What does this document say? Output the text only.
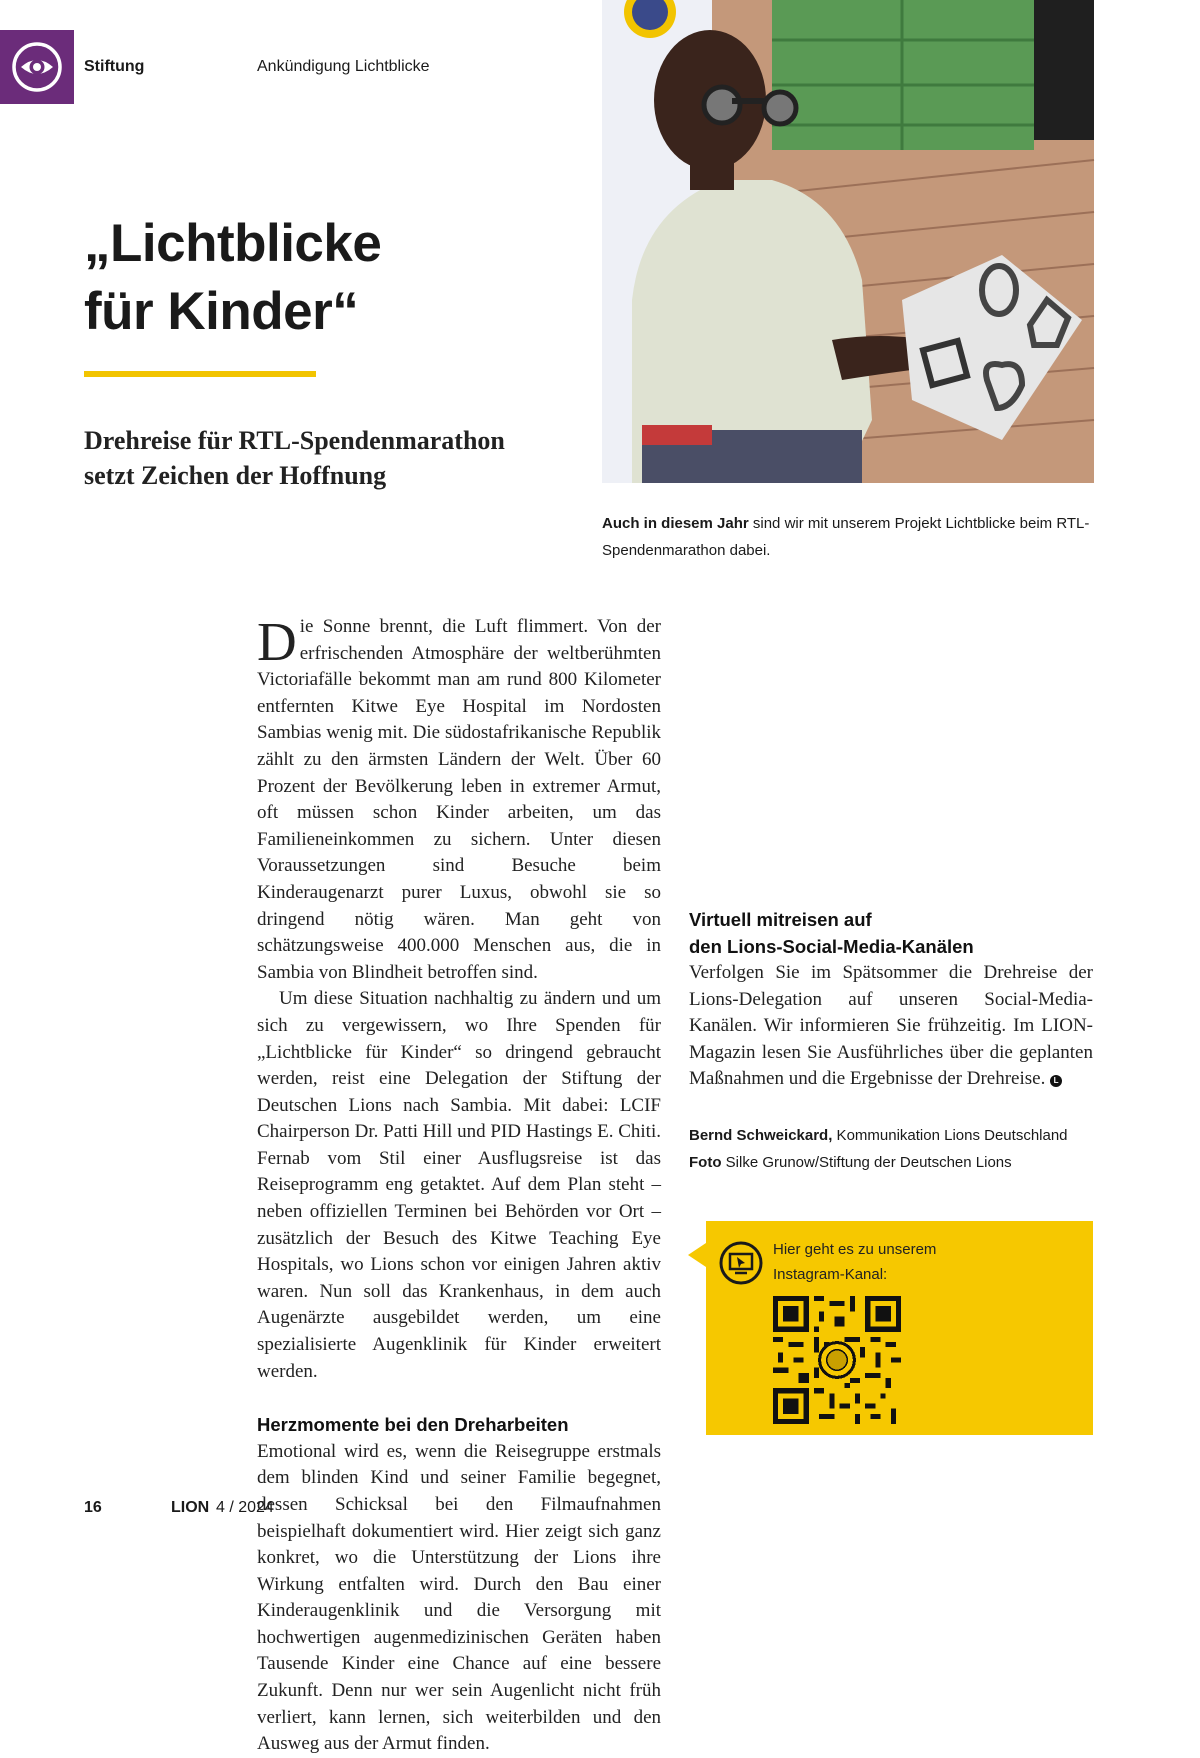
Stiftung	Ankündigung Lichtblicke
„Lichtblicke
für Kinder“
Drehreise für RTL-Spendenmarathon
setzt Zeichen der Hoffnung
Auch in diesem Jahr sind wir mit unserem Projekt Lichtblicke beim RTL-Spendenmarathon dabei.

Die Sonne brennt, die Luft flimmert. Von der erfrischenden Atmosphäre der weltberühmten Victoriafälle bekommt man am rund 800 Kilometer entfernten Kitwe Eye Hospital im Nordosten Sambias wenig mit. Die südostafrikanische Republik zählt zu den ärmsten Ländern der Welt. Über 60 Prozent der Bevölkerung leben in extremer Armut, oft müssen schon Kinder arbeiten, um das Familieneinkommen zu sichern. Unter diesen Voraussetzungen sind Besuche beim Kinderaugenarzt purer Luxus, obwohl sie so dringend nötig wären. Man geht von schätzungsweise 400.000 Menschen aus, die in Sambia von Blindheit betroffen sind.

Um diese Situation nachhaltig zu ändern und um sich zu vergewissern, wo Ihre Spenden für „Lichtblicke für Kinder“ so dringend gebraucht werden, reist eine Delegation der Stiftung der Deutschen Lions nach Sambia. Mit dabei: LCIF Chairperson Dr. Patti Hill und PID Hastings E. Chiti. Fernab vom Stil einer Ausflugsreise ist das Reiseprogramm eng getaktet. Auf dem Plan steht – neben offiziellen Terminen bei Behörden vor Ort – zusätzlich der Besuch des Kitwe Teaching Eye Hospitals, wo Lions schon vor einigen Jahren aktiv waren. Nun soll das Krankenhaus, in dem auch Augenärzte ausgebildet werden, um eine spezialisierte Augenklinik für Kinder erweitert werden.

Herzmomente bei den Dreharbeiten

Emotional wird es, wenn die Reisegruppe erstmals dem blinden Kind und seiner Familie begegnet, dessen Schicksal bei den Filmaufnahmen beispielhaft dokumentiert wird. Hier zeigt sich ganz konkret, wo die Unterstützung der Lions ihre Wirkung entfalten wird. Durch den Bau einer Kinderaugenklinik und die Versorgung mit hochwertigen augenmedizinischen Geräten haben Tausende Kinder eine Chance auf eine bessere Zukunft. Denn nur wer sein Augenlicht nicht früh verliert, kann lernen, sich weiterbilden und den Ausweg aus der Armut finden.

Virtuell mitreisen auf
den Lions-Social-Media-Kanälen

Verfolgen Sie im Spätsommer die Drehreise der Lions-Delegation auf unseren Social-Media-Kanälen. Wir informieren Sie frühzeitig. Im LION-Magazin lesen Sie Ausführliches über die geplanten Maßnahmen und die Ergebnisse der Drehreise. L

Bernd Schweickard, Kommunikation Lions Deutschland
Foto Silke Grunow/Stiftung der Deutschen Lions
Hier geht es zu unserem
Instagram-Kanal:
16	LION 4 / 2024
